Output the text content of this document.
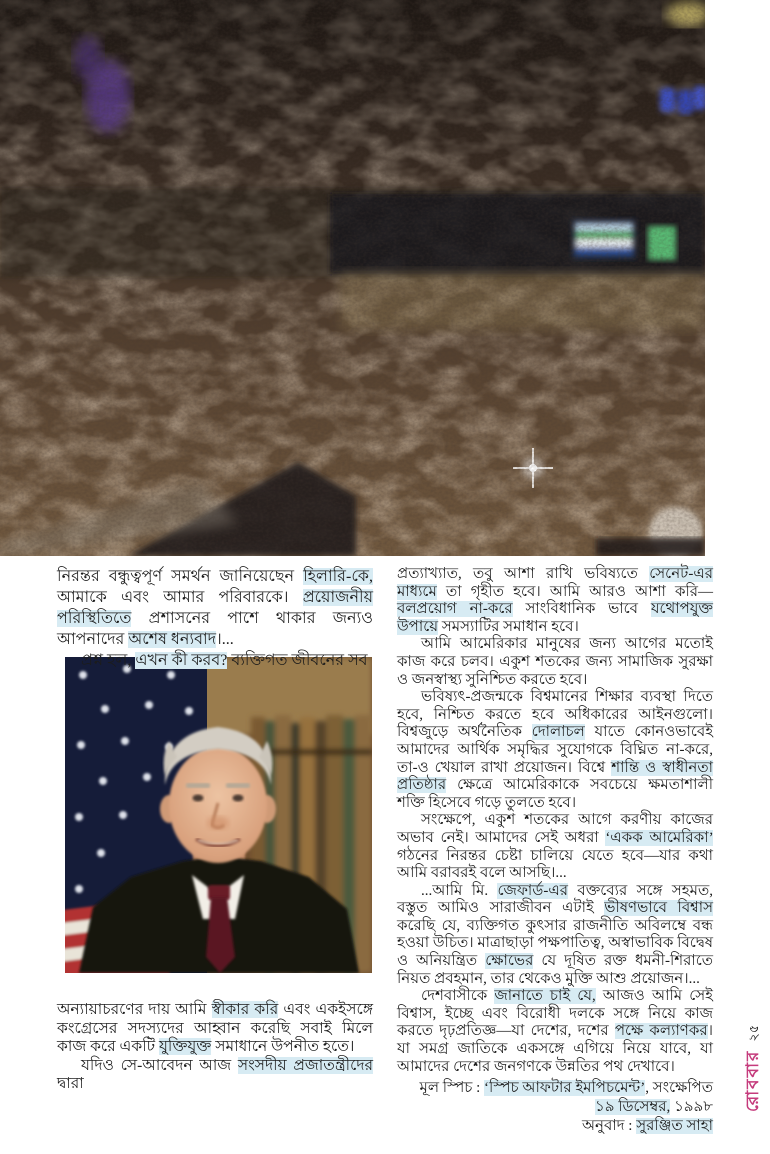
নিরন্তর বন্ধুত্বপূর্ণ সমর্থন জানিয়েছেন হিলারি-কে, আমাকে এবং আমার পরিবারকে। প্রয়োজনীয় পরিস্থিতিতে প্রশাসনের পাশে থাকার জন্যও আপনাদের অশেষ ধন্যবাদ।...

প্রশ্ন হল, এখন কী করব? ব্যক্তিগত জীবনের সব

অন্যায়াচরণের দায় আমি স্বীকার করি এবং একইসঙ্গে কংগ্রেসের সদস্যদের আহ্বান করেছি সবাই মিলে কাজ করে একটি যুক্তিযুক্ত সমাধানে উপনীত হতে।

যদিও সে-আবেদন আজ সংসদীয় প্রজাতন্ত্রীদের দ্বারা

প্রত্যাখ্যাত, তবু আশা রাখি ভবিষ্যতে সেনেট-এর মাধ্যমে তা গৃহীত হবে। আমি আরও আশা করি—বলপ্রয়োগ না-করে সাংবিধানিক ভাবে যথোপযুক্ত উপায়ে সমস্যাটির সমাধান হবে।

আমি আমেরিকার মানুষের জন্য আগের মতোই কাজ করে চলব। একুশ শতকের জন্য সামাজিক সুরক্ষা ও জনস্বাস্থ্য সুনিশ্চিত করতে হবে।

ভবিষ্যৎ-প্রজন্মকে বিশ্বমানের শিক্ষার ব্যবস্থা দিতে হবে, নিশ্চিত করতে হবে অধিকারের আইনগুলো। বিশ্বজুড়ে অর্থনৈতিক দোলাচল যাতে কোনওভাবেই আমাদের আর্থিক সমৃদ্ধির সুযোগকে বিঘ্নিত না-করে, তা-ও খেয়াল রাখা প্রয়োজন। বিশ্বে শান্তি ও স্বাধীনতা প্রতিষ্ঠার ক্ষেত্রে আমেরিকাকে সবচেয়ে ক্ষমতাশালী শক্তি হিসেবে গড়ে তুলতে হবে।

সংক্ষেপে, একুশ শতকের আগে করণীয় কাজের অভাব নেই। আমাদের সেই অধরা ‘একক আমেরিকা’ গঠনের নিরন্তর চেষ্টা চালিয়ে যেতে হবে—যার কথা আমি বরাবরই বলে আসছি।...

...আমি মি. জেফার্ড-এর বক্তব্যের সঙ্গে সহমত, বস্তুত আমিও সারাজীবন এটাই ভীষণভাবে বিশ্বাস করেছি যে, ব্যক্তিগত কুৎসার রাজনীতি অবিলম্বে বন্ধ হওয়া উচিত। মাত্রাছাড়া পক্ষপাতিত্ব, অস্বাভাবিক বিদ্বেষ ও অনিয়ন্ত্রিত ক্ষোভের যে দূষিত রক্ত ধমনী-শিরাতে নিয়ত প্রবহমান, তার থেকেও মুক্তি আশু প্রয়োজন।...

দেশবাসীকে জানাতে চাই যে, আজও আমি সেই বিশ্বাস, ইচ্ছে এবং বিরোধী দলকে সঙ্গে নিয়ে কাজ করতে দৃঢ়প্রতিজ্ঞ—যা দেশের, দশের পক্ষে কল্যাণকর। যা সমগ্র জাতিকে একসঙ্গে এগিয়ে নিয়ে যাবে, যা আমাদের দেশের জনগণকে উন্নতির পথ দেখাবে।

মূল স্পিচ : ‘স্পিচ আফটার ইমপিচমেন্ট’, সংক্ষেপিত

১৯ ডিসেম্বর, ১৯৯৮

অনুবাদ : সুরঞ্জিত সাহা

রোববার২৫
